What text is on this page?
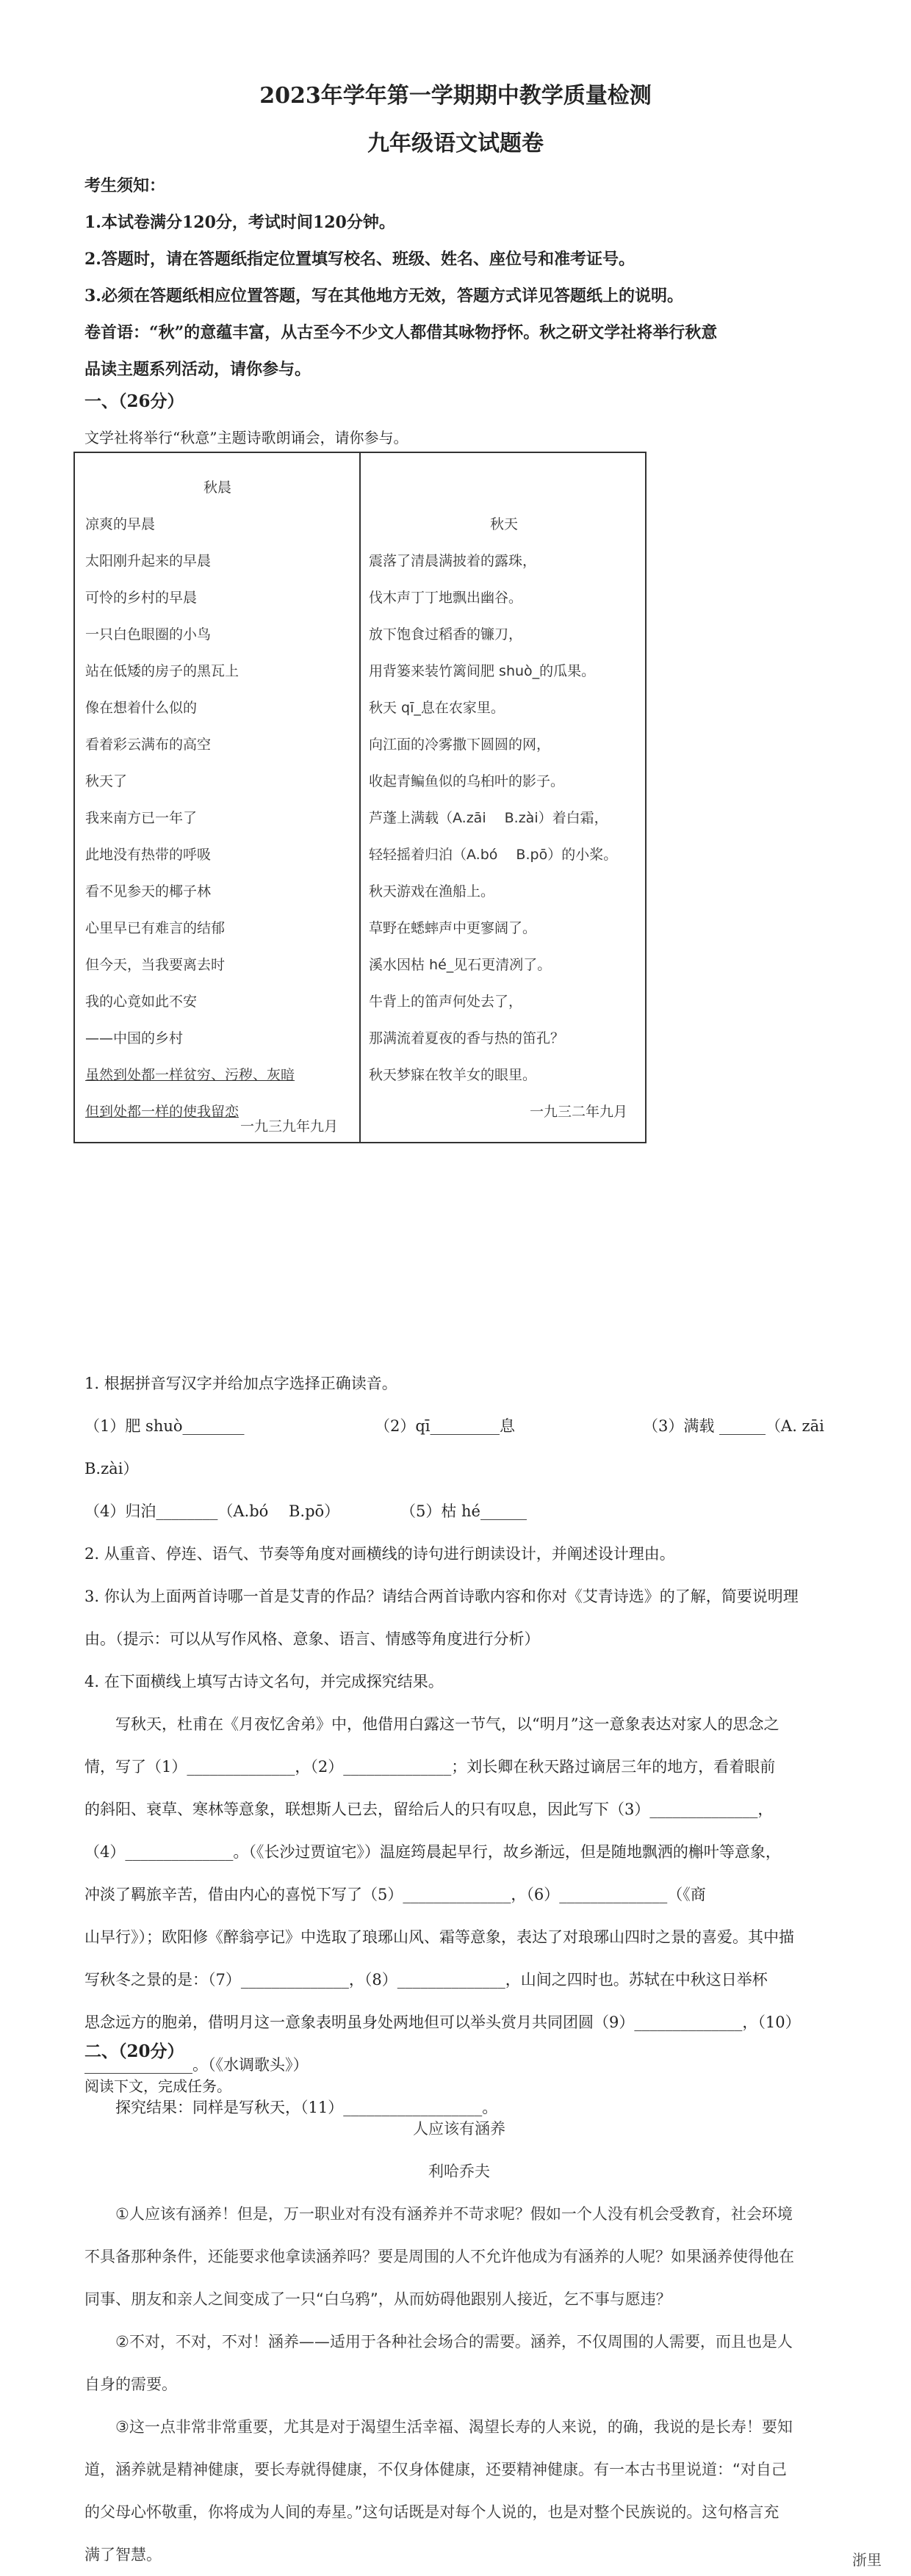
2023年学年第一学期期中教学质量检测
九年级语文试题卷
考生须知：
1.本试卷满分120分，考试时间120分钟。
2.答题时，请在答题纸指定位置填写校名、班级、姓名、座位号和准考证号。
3.必须在答题纸相应位置答题，写在其他地方无效，答题方式详见答题纸上的说明。
卷首语：“秋”的意蕴丰富，从古至今不少文人都借其咏物抒怀。秋之研文学社将举行秋意
品读主题系列活动，请你参与。
一、（26分）
文学社将举行“秋意”主题诗歌朗诵会，请你参与。
秋晨
凉爽的早晨
太阳刚升起来的早晨
可怜的乡村的早晨
一只白色眼圈的小鸟
站在低矮的房子的黑瓦上
像在想着什么似的
看着彩云满布的高空
秋天了
我来南方已一年了
此地没有热带的呼吸
看不见参天的椰子林
心里早已有难言的结郁
但今天，当我要离去时
我的心竟如此不安
——中国的乡村
虽然到处都一样贫穷、污秽、灰暗
但到处都一样的使我留恋
一九三九年九月
秋天
震落了清晨满披着的露珠，
伐木声丁丁地飘出幽谷。
放下饱食过稻香的镰刀，
用背篓来装竹篱间肥 shuò_的瓜果。
秋天 qī_息在农家里。
向江面的冷雾撒下圆圆的网，
收起青鳊鱼似的乌桕叶的影子。
芦蓬上满载（A.zāi　 B.zài）着白霜，
轻轻摇着归泊（A.bó　 B.pō）的小桨。
秋天游戏在渔船上。
草野在蟋蟀声中更寥阔了。
溪水因枯 hé_见石更清冽了。
牛背上的笛声何处去了，
那满流着夏夜的香与热的笛孔？
秋天梦寐在牧羊女的眼里。
一九三二年九月
1. 根据拼音写汉字并给加点字选择正确读音。
（1）肥 shuò________	（2）qī_________息	（3）满载 ______（A. zāi
B.zài）
（4）归泊________（A.bó　 B.pō）	（5）枯 hé______
2. 从重音、停连、语气、节奏等角度对画横线的诗句进行朗读设计，并阐述设计理由。
3. 你认为上面两首诗哪一首是艾青的作品？请结合两首诗歌内容和你对《艾青诗选》的了解，简要说明理
由。（提示：可以从写作风格、意象、语言、情感等角度进行分析）
4. 在下面横线上填写古诗文名句，并完成探究结果。
　　写秋天，杜甫在《月夜忆舍弟》中，他借用白露这一节气，以“明月”这一意象表达对家人的思念之
情，写了（1）______________，（2）______________；刘长卿在秋天路过谪居三年的地方，看着眼前
的斜阳、衰草、寒林等意象，联想斯人已去，留给后人的只有叹息，因此写下（3）______________，
（4）______________。（《长沙过贾谊宅》）温庭筠晨起早行，故乡渐远，但是随地飘洒的槲叶等意象，
冲淡了羁旅辛苦，借由内心的喜悦下写了（5）______________，（6）______________（《商
山早行》）；欧阳修《醉翁亭记》中选取了琅琊山风、霜等意象，表达了对琅琊山四时之景的喜爱。其中描
写秋冬之景的是：（7）______________，（8）______________，山间之四时也。苏轼在中秋这日举杯
思念远方的胞弟，借明月这一意象表明虽身处两地但可以举头赏月共同团圆（9）______________，（10）
______________。（《水调歌头》）
　　探究结果：同样是写秋天，（11）__________________。
二、（20分）
阅读下文，完成任务。
人应该有涵养
利哈乔夫
　　①人应该有涵养！但是，万一职业对有没有涵养并不苛求呢？假如一个人没有机会受教育，社会环境
不具备那种条件，还能要求他拿读涵养吗？要是周围的人不允许他成为有涵养的人呢？如果涵养使得他在
同事、朋友和亲人之间变成了一只“白乌鸦”，从而妨碍他跟别人接近，乞不事与愿违？
　　②不对，不对，不对！涵养——适用于各种社会场合的需要。涵养，不仅周围的人需要，而且也是人
自身的需要。
　　③这一点非常非常重要，尤其是对于渴望生活幸福、渴望长寿的人来说，的确，我说的是长寿！要知
道，涵养就是精神健康，要长寿就得健康，不仅身体健康，还要精神健康。有一本古书里说道：“对自己
的父母心怀敬重，你将成为人间的寿星。”这句话既是对每个人说的，也是对整个民族说的。这句格言充
满了智慧。	浙里
